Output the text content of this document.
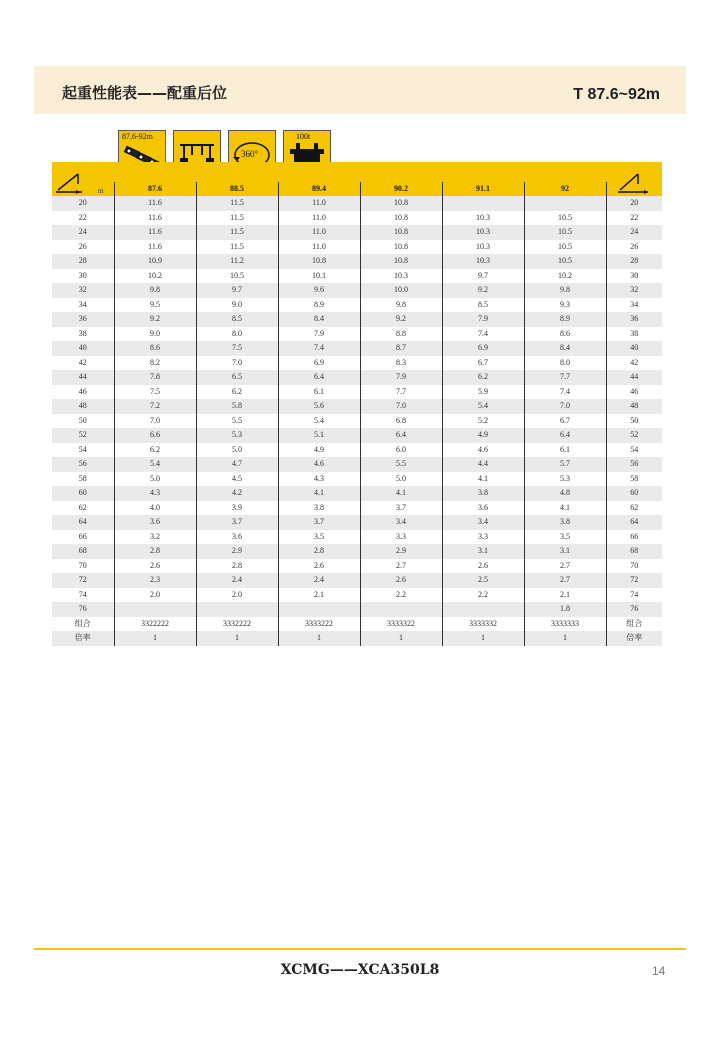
起重性能表——配重后位	T 87.6~92m
87.6-92m
360°
100t
m

	87.6	88.5	89.4	90.2	91.1	92	
20	11.6	11.5	11.0	10.8			20
22	11.6	11.5	11.0	10.8	10.3	10.5	22
24	11.6	11.5	11.0	10.8	10.3	10.5	24
26	11.6	11.5	11.0	10.8	10.3	10.5	26
28	10.9	11.2	10.8	10.8	10.3	10.5	28
30	10.2	10.5	10.1	10.3	9.7	10.2	30
32	9.8	9.7	9.6	10.0	9.2	9.8	32
34	9.5	9.0	8.9	9.8	8.5	9.3	34
36	9.2	8.5	8.4	9.2	7.9	8.9	36
38	9.0	8.0	7.9	8.8	7.4	8.6	38
40	8.6	7.5	7.4	8.7	6.9	8.4	40
42	8.2	7.0	6.9	8.3	6.7	8.0	42
44	7.8	6.5	6.4	7.9	6.2	7.7	44
46	7.5	6.2	6.1	7.7	5.9	7.4	46
48	7.2	5.8	5.6	7.0	5.4	7.0	48
50	7.0	5.5	5.4	6.8	5.2	6.7	50
52	6.6	5.3	5.1	6.4	4.9	6.4	52
54	6.2	5.0	4.9	6.0	4.6	6.1	54
56	5.4	4.7	4.6	5.5	4.4	5.7	56
58	5.0	4.5	4.3	5.0	4.1	5.3	58
60	4.3	4.2	4.1	4.1	3.8	4.8	60
62	4.0	3.9	3.8	3.7	3.6	4.1	62
64	3.6	3.7	3.7	3.4	3.4	3.8	64
66	3.2	3.6	3.5	3.3	3.3	3.5	66
68	2.8	2.9	2.8	2.9	3.1	3.1	68
70	2.6	2.8	2.6	2.7	2.6	2.7	70
72	2.3	2.4	2.4	2.6	2.5	2.7	72
74	2.0	2.0	2.1	2.2	2.2	2.1	74
76						1.8	76
组合	3322222	3332222	3333222	3333322	3333332	3333333	组合
倍率	1	1	1	1	1	1	倍率
XCMG——XCA350L8	14
